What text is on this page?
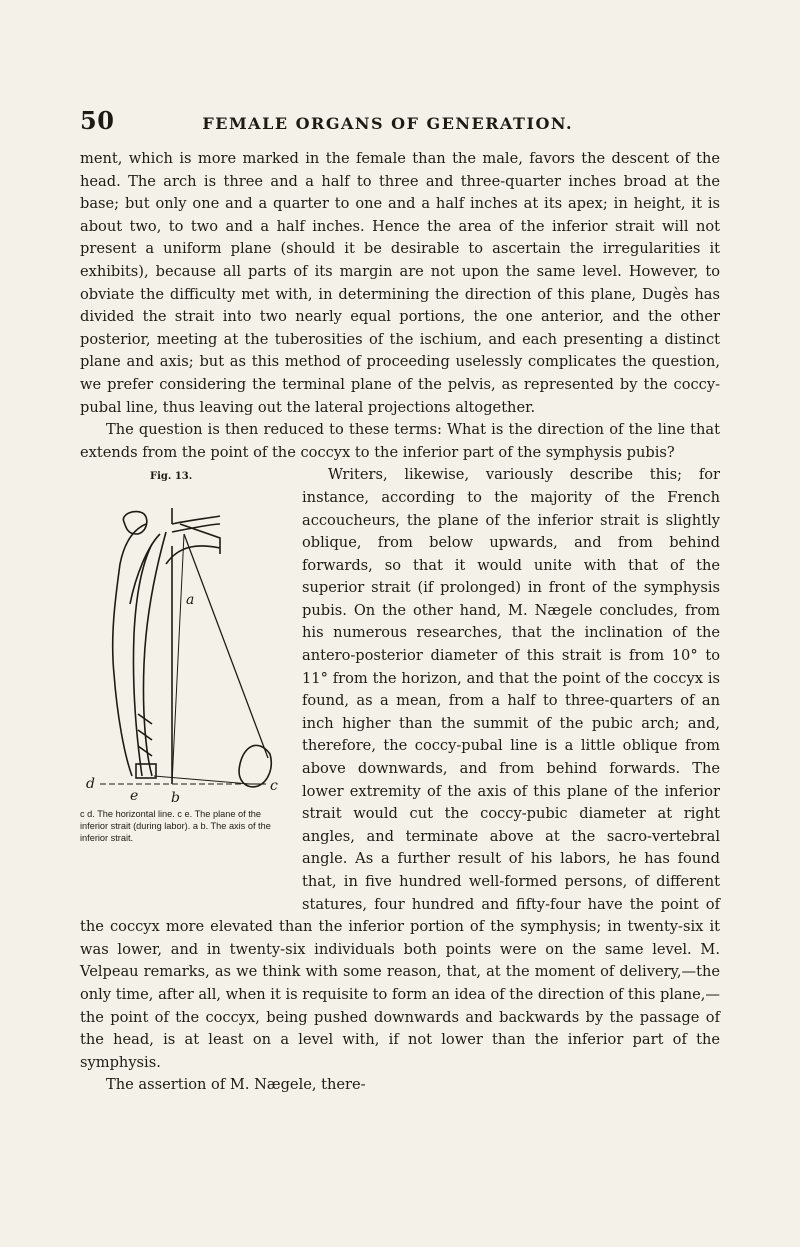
50	FEMALE ORGANS OF GENERATION.

ment, which is more marked in the female than the male, favors the descent of the head. The arch is three and a half to three and three-quarter inches broad at the base; but only one and a quarter to one and a half inches at its apex; in height, it is about two, to two and a half inches. Hence the area of the inferior strait will not present a uniform plane (should it be desirable to ascertain the irregularities it exhibits), because all parts of its margin are not upon the same level. However, to obviate the difficulty met with, in determining the direction of this plane, Dugès has divided the strait into two nearly equal portions, the one anterior, and the other posterior, meeting at the tuberosities of the ischium, and each presenting a distinct plane and axis; but as this method of proceeding uselessly complicates the question, we prefer considering the terminal plane of the pelvis, as represented by the coccy-pubal line, thus leaving out the lateral projections altogether.

The question is then reduced to these terms: What is the direction of the line that extends from the point of the coccyx to the inferior part of the symphysis pubis?

Fig. 13.
a
b
c
d
e
c d. The horizontal line. c e. The plane of the inferior strait (during labor). a b. The axis of the inferior strait.
Writers, likewise, variously describe this; for instance, according to the majority of the French accoucheurs, the plane of the inferior strait is slightly oblique, from below upwards, and from behind forwards, so that it would unite with that of the superior strait (if prolonged) in front of the symphysis pubis. On the other hand, M. Nægele concludes, from his numerous researches, that the inclination of the antero-posterior diameter of this strait is from 10° to 11° from the horizon, and that the point of the coccyx is found, as a mean, from a half to three-quarters of an inch higher than the summit of the pubic arch; and, therefore, the coccy-pubal line is a little oblique from above downwards, and from behind forwards. The lower extremity of the axis of this plane of the inferior strait would cut the coccy-pubic diameter at right angles, and terminate above at the sacro-vertebral angle. As a further result of his labors, he has found that, in five hundred well-formed persons, of different statures, four hundred and fifty-four have the point of the coccyx more elevated than the inferior portion of the symphysis; in twenty-six it was lower, and in twenty-six individuals both points were on the same level. M. Velpeau remarks, as we think with some reason, that, at the moment of delivery,—the only time, after all, when it is requisite to form an idea of the direction of this plane,—the point of the coccyx, being pushed downwards and backwards by the passage of the head, is at least on a level with, if not lower than the inferior part of the symphysis.

The assertion of M. Nægele, there-
